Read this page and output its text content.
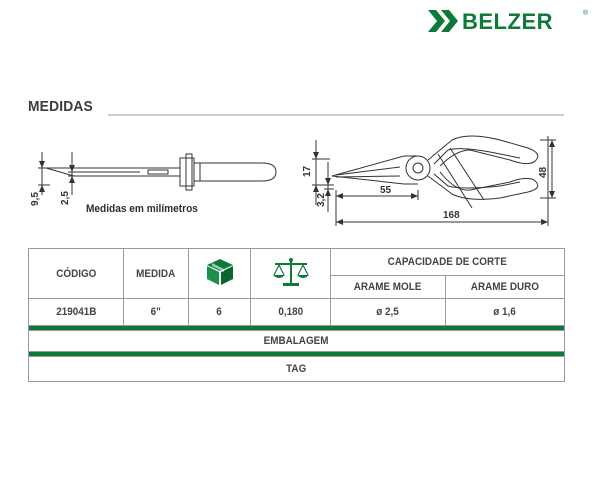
BELZER	®
MEDIDAS
9,5 2,5
17
3,2
55
168
48
Medidas em milímetros
CÓDIGO	MEDIDA			CAPACIDADE DE CORTE	
				ARAME MOLE	ARAME DURO
219041B	6"	6	0,180	ø 2,5	ø 1,6

EMBALAGEM					

TAG					
